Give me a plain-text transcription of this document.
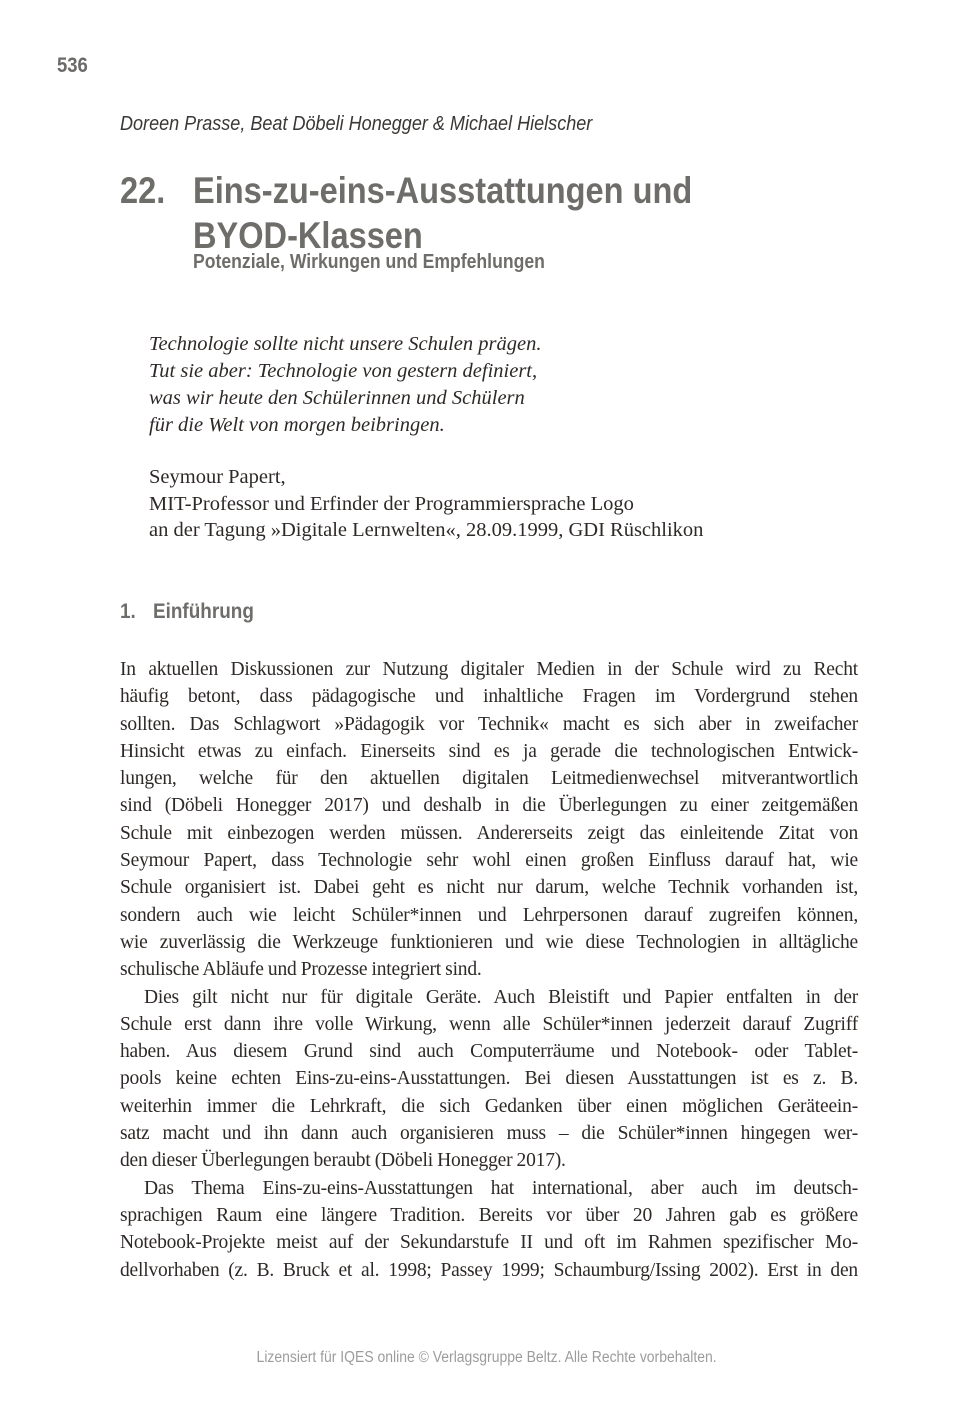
536
Doreen Prasse, Beat Döbeli Honegger & Michael Hielscher
22. Eins-zu-eins-Ausstattungen und
BYOD-Klassen
Potenziale, Wirkungen und Empfehlungen
Technologie sollte nicht unsere Schulen prägen.
Tut sie aber: Technologie von gestern definiert,
was wir heute den Schülerinnen und Schülern
für die Welt von morgen beibringen.
Seymour Papert,
MIT-Professor und Erfinder der Programmiersprache Logo
an der Tagung »Digitale Lernwelten«, 28.09.1999, GDI Rüschlikon
1. Einführung
In aktuellen Diskussionen zur Nutzung digitaler Medien in der Schule wird zu Recht
häufig betont, dass pädagogische und inhaltliche Fragen im Vordergrund stehen
sollten. Das Schlagwort »Pädagogik vor Technik« macht es sich aber in zweifacher
Hinsicht etwas zu einfach. Einerseits sind es ja gerade die technologischen Entwick-
lungen, welche für den aktuellen digitalen Leitmedienwechsel mitverantwortlich
sind (Döbeli Honegger 2017) und deshalb in die Überlegungen zu einer zeitgemäßen
Schule mit einbezogen werden müssen. Andererseits zeigt das einleitende Zitat von
Seymour Papert, dass Technologie sehr wohl einen großen Einfluss darauf hat, wie
Schule organisiert ist. Dabei geht es nicht nur darum, welche Technik vorhanden ist,
sondern auch wie leicht Schüler*innen und Lehrpersonen darauf zugreifen können,
wie zuverlässig die Werkzeuge funktionieren und wie diese Technologien in alltägliche
schulische Abläufe und Prozesse integriert sind.
Dies gilt nicht nur für digitale Geräte. Auch Bleistift und Papier entfalten in der
Schule erst dann ihre volle Wirkung, wenn alle Schüler*innen jederzeit darauf Zugriff
haben. Aus diesem Grund sind auch Computerräume und Notebook- oder Tablet-
pools keine echten Eins-zu-eins-Ausstattungen. Bei diesen Ausstattungen ist es z. B.
weiterhin immer die Lehrkraft, die sich Gedanken über einen möglichen Geräteein-
satz macht und ihn dann auch organisieren muss – die Schüler*innen hingegen wer-
den dieser Überlegungen beraubt (Döbeli Honegger 2017).
Das Thema Eins-zu-eins-Ausstattungen hat international, aber auch im deutsch-
sprachigen Raum eine längere Tradition. Bereits vor über 20 Jahren gab es größere
Notebook-Projekte meist auf der Sekundarstufe II und oft im Rahmen spezifischer Mo-
dellvorhaben (z. B. Bruck et al. 1998; Passey 1999; Schaumburg/Issing 2002). Erst in den
Lizensiert für IQES online © Verlagsgruppe Beltz. Alle Rechte vorbehalten.
